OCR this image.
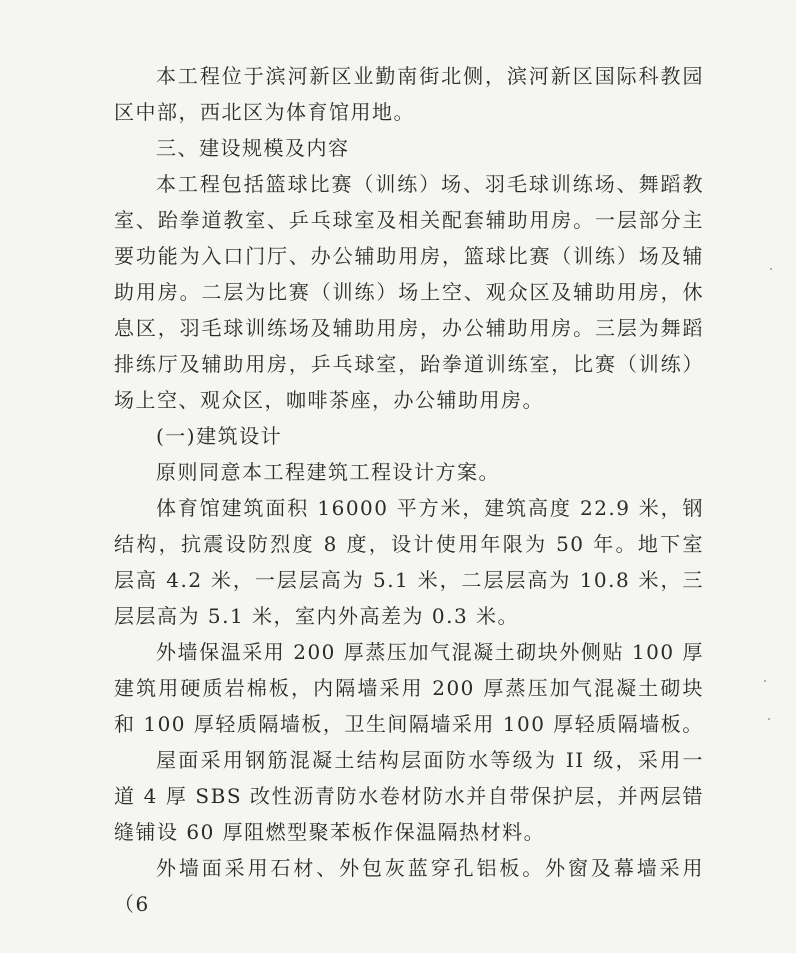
本工程位于滨河新区业勤南街北侧，滨河新区国际科教园区中部，西北区为体育馆用地。

三、建设规模及内容

本工程包括篮球比赛（训练）场、羽毛球训练场、舞蹈教室、跆拳道教室、乒乓球室及相关配套辅助用房。一层部分主要功能为入口门厅、办公辅助用房，篮球比赛（训练）场及辅助用房。二层为比赛（训练）场上空、观众区及辅助用房，休息区，羽毛球训练场及辅助用房，办公辅助用房。三层为舞蹈排练厅及辅助用房，乒乓球室，跆拳道训练室，比赛（训练）场上空、观众区，咖啡茶座，办公辅助用房。

(一)建筑设计

原则同意本工程建筑工程设计方案。

体育馆建筑面积 16000 平方米，建筑高度 22.9 米，钢结构，抗震设防烈度 8 度，设计使用年限为 50 年。地下室层高 4.2 米，一层层高为 5.1 米，二层层高为 10.8 米，三层层高为 5.1 米，室内外高差为 0.3 米。

外墙保温采用 200 厚蒸压加气混凝土砌块外侧贴 100 厚建筑用硬质岩棉板，内隔墙采用 200 厚蒸压加气混凝土砌块和 100 厚轻质隔墙板，卫生间隔墙采用 100 厚轻质隔墙板。

屋面采用钢筋混凝土结构层面防水等级为 II 级，采用一道 4 厚 SBS 改性沥青防水卷材防水并自带保护层，并两层错缝铺设 60 厚阻燃型聚苯板作保温隔热材料。

外墙面采用石材、外包灰蓝穿孔铝板。外窗及幕墙采用（6
